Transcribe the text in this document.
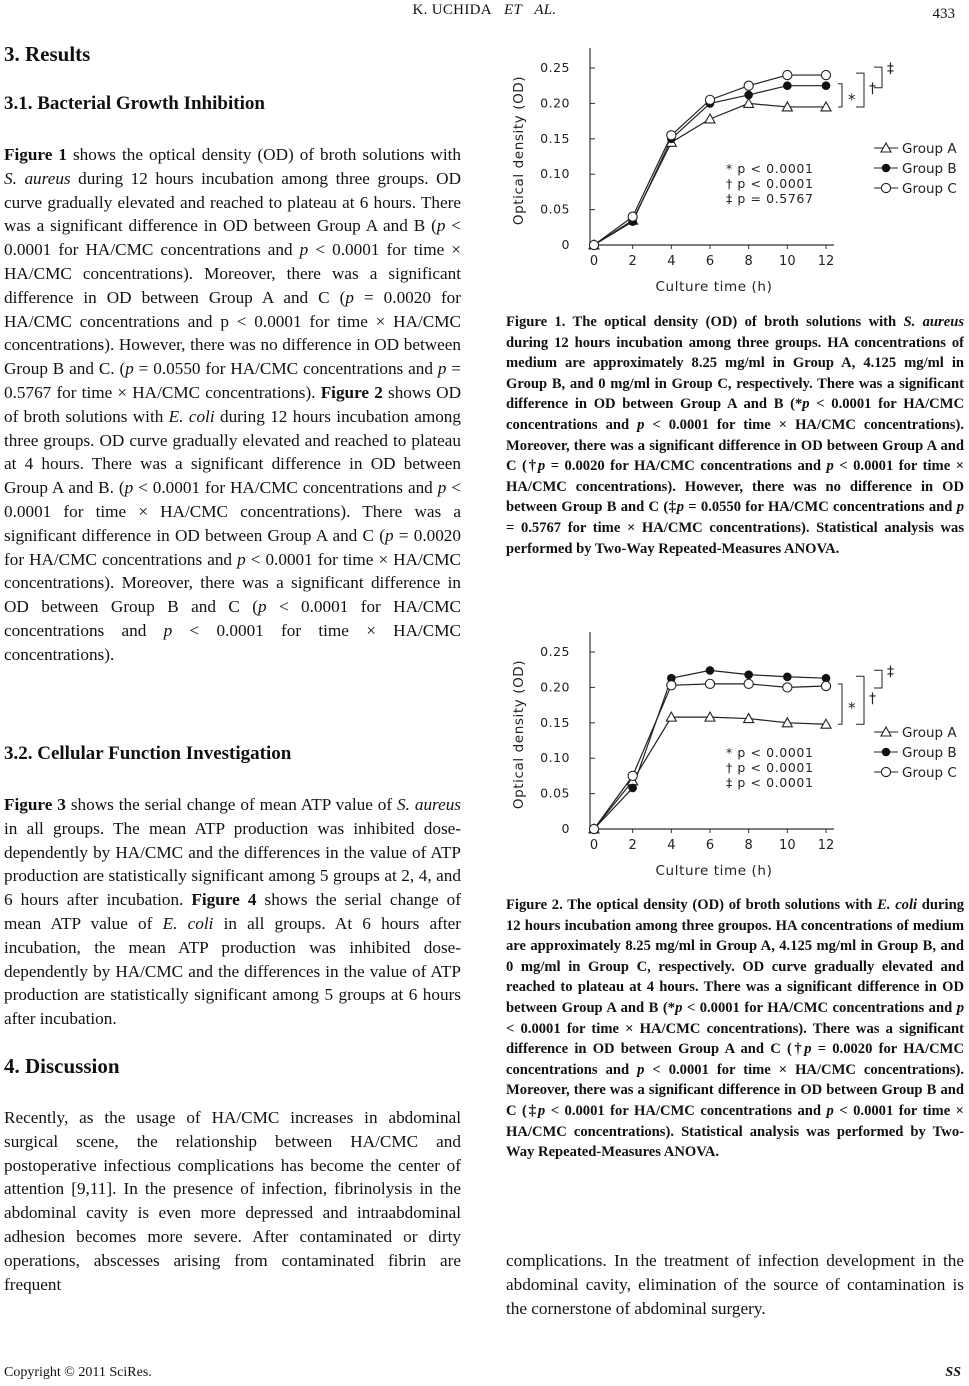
K. UCHIDA ET AL.	433
3. Results
3.1. Bacterial Growth Inhibition
Figure 1 shows the optical density (OD) of broth solutions with S. aureus during 12 hours incubation among three groups. OD curve gradually elevated and reached to plateau at 6 hours. There was a significant difference in OD between Group A and B (p < 0.0001 for HA/CMC concentrations and p < 0.0001 for time × HA/CMC concentrations). Moreover, there was a significant difference in OD between Group A and C (p = 0.0020 for HA/CMC concentrations and p < 0.0001 for time × HA/CMC concentrations). However, there was no difference in OD between Group B and C. (p = 0.0550 for HA/CMC concentrations and p = 0.5767 for time × HA/CMC concentrations). Figure 2 shows OD of broth solutions with E. coli during 12 hours incubation among three groups. OD curve gradually elevated and reached to plateau at 4 hours. There was a significant difference in OD between Group A and B. (p < 0.0001 for HA/CMC concentrations and p < 0.0001 for time × HA/CMC concentrations). There was a significant difference in OD between Group A and C (p = 0.0020 for HA/CMC concentrations and p < 0.0001 for time × HA/CMC concentrations). Moreover, there was a significant difference in OD between Group B and C (p < 0.0001 for HA/CMC concentrations and p < 0.0001 for time × HA/CMC concentrations).
3.2. Cellular Function Investigation
Figure 3 shows the serial change of mean ATP value of S. aureus in all groups. The mean ATP production was inhibited dose-dependently by HA/CMC and the differences in the value of ATP production are statistically significant among 5 groups at 2, 4, and 6 hours after incubation. Figure 4 shows the serial change of mean ATP value of E. coli in all groups. At 6 hours after incubation, the mean ATP production was inhibited dose-dependently by HA/CMC and the differences in the value of ATP production are statistically significant among 5 groups at 6 hours after incubation.
4. Discussion
Recently, as the usage of HA/CMC increases in abdominal surgical scene, the relationship between HA/CMC and postoperative infectious complications has become the center of attention [9,11]. In the presence of infection, fibrinolysis in the abdominal cavity is even more depressed and intraabdominal adhesion becomes more severe. After contaminated or dirty operations, abscesses arising from contaminated fibrin are frequent
0
0.05
0.10
0.15
0.20
0.25
0 2 4 6 8 10 12
Culture time (h)
Optical density (OD)	Group A
Group B
Group C
* p < 0.0001
† p < 0.0001
‡ p = 0.5767
*
†
‡
Figure 1. The optical density (OD) of broth solutions with S. aureus during 12 hours incubation among three groups. HA concentrations of medium are approximately 8.25 mg/ml in Group A, 4.125 mg/ml in Group B, and 0 mg/ml in Group C, respectively. There was a significant difference in OD between Group A and B (*p < 0.0001 for HA/CMC concentrations and p < 0.0001 for time × HA/CMC concentrations). Moreover, there was a significant difference in OD between Group A and C (†p = 0.0020 for HA/CMC concentrations and p < 0.0001 for time × HA/CMC concentrations). However, there was no difference in OD between Group B and C (‡p = 0.0550 for HA/CMC concentrations and p = 0.5767 for time × HA/CMC concentrations). Statistical analysis was performed by Two-Way Repeated-Measures ANOVA.
0
0.05
0.10
0.15
0.20
0.25
0 2 4 6 8 10 12
Culture time (h)
Optical density (OD)	Group A
Group B
Group C
* p < 0.0001
† p < 0.0001
‡ p < 0.0001
* †
‡
Figure 2. The optical density (OD) of broth solutions with E. coli during 12 hours incubation among three groupos. HA concentrations of medium are approximately 8.25 mg/ml in Group A, 4.125 mg/ml in Group B, and 0 mg/ml in Group C, respectively. OD curve gradually elevated and reached to plateau at 4 hours. There was a significant difference in OD between Group A and B (*p < 0.0001 for HA/CMC concentrations and p < 0.0001 for time × HA/CMC concentrations). There was a significant difference in OD between Group A and C (†p = 0.0020 for HA/CMC concentrations and p < 0.0001 for time × HA/CMC concentrations). Moreover, there was a significant difference in OD between Group B and C (‡p < 0.0001 for HA/CMC concentrations and p < 0.0001 for time × HA/CMC concentrations). Statistical analysis was performed by Two-Way Repeated-Measures ANOVA.
complications. In the treatment of infection development in the abdominal cavity, elimination of the source of contamination is the cornerstone of abdominal surgery.
Copyright © 2011 SciRes.	SS
